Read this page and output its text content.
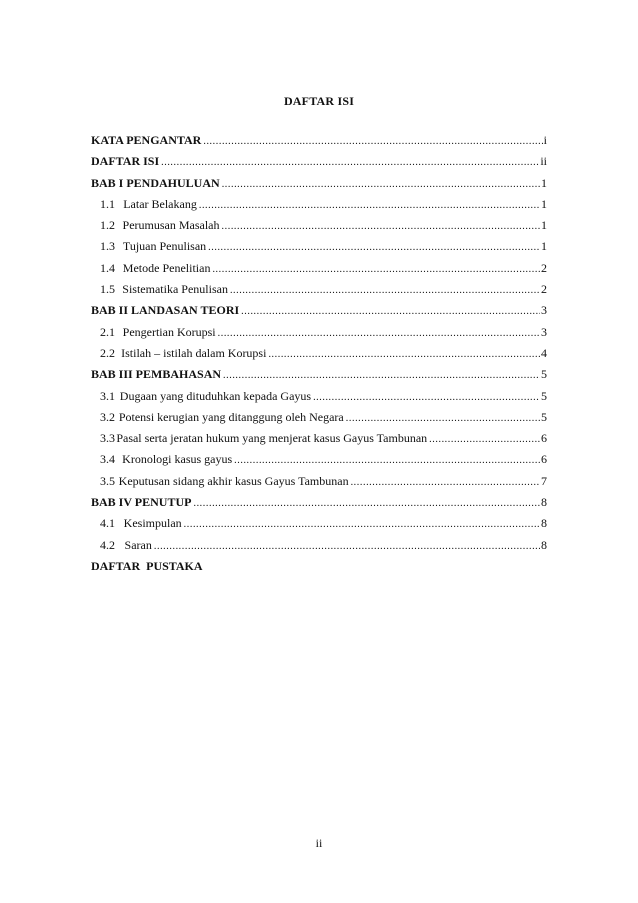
DAFTAR ISI
KATA PENGANTAR .....	i
DAFTAR ISI .....	ii
BAB I PENDAHULUAN .....	1
1.1 Latar Belakang .....	1
1.2 Perumusan Masalah .....	1
1.3 Tujuan Penulisan .....	1
1.4 Metode Penelitian .....	2
1.5 Sistematika Penulisan .....	2
BAB II LANDASAN TEORI .....	3
2.1 Pengertian Korupsi .....	3
2.2 Istilah – istilah dalam Korupsi .....	4
BAB III PEMBAHASAN .....	5
3.1 Dugaan yang dituduhkan kepada Gayus .....	5
3.2 Potensi kerugian yang ditanggung oleh Negara .....	5
3.3 Pasal serta jeratan hukum yang menjerat kasus Gayus Tambunan .....	6
3.4 Kronologi kasus gayus .....	6
3.5 Keputusan sidang akhir kasus Gayus Tambunan .....	7
BAB IV PENUTUP .....	8
4.1 Kesimpulan .....	8
4.2 Saran .....	8
DAFTAR  PUSTAKA
ii
